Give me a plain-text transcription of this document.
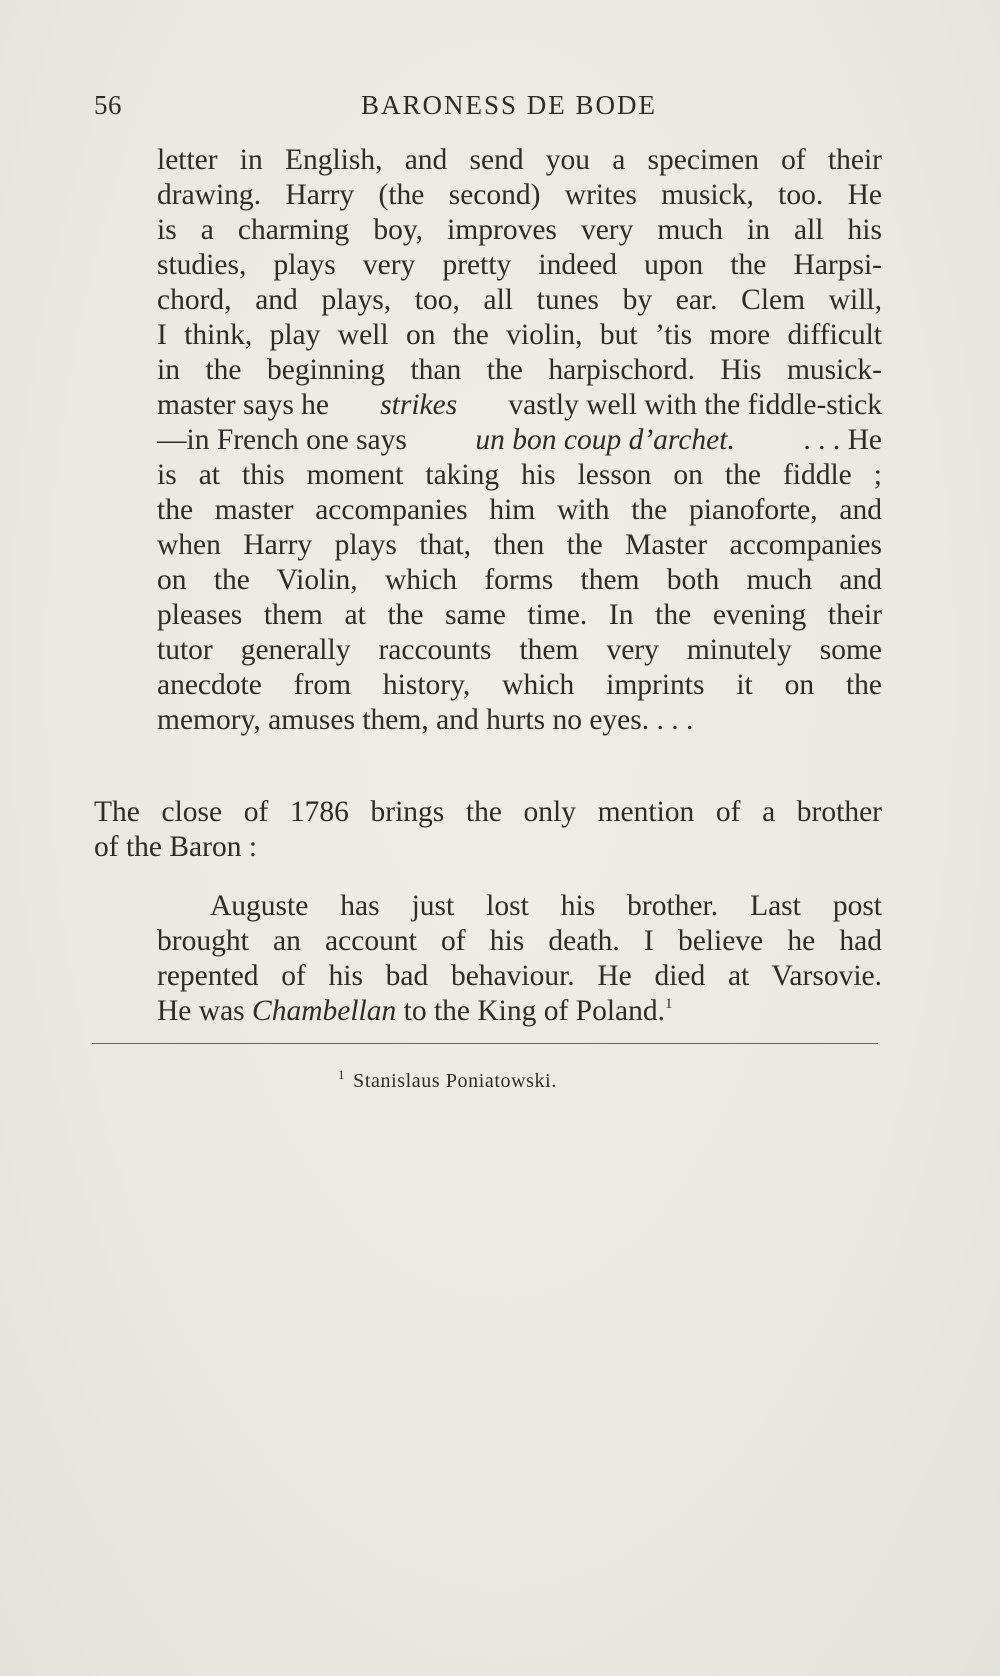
56	BARONESS DE BODE
letter in English, and send you a specimen of their
drawing. Harry (the second) writes musick, too. He
is a charming boy, improves very much in all his
studies, plays very pretty indeed upon the Harpsi-
chord, and plays, too, all tunes by ear. Clem will,
I think, play well on the violin, but ’tis more difficult
in the beginning than the harpischord. His musick-
master says he strikes vastly well with the fiddle-stick
—in French one says un bon coup d’archet. . . . He
is at this moment taking his lesson on the fiddle ;
the master accompanies him with the pianoforte, and
when Harry plays that, then the Master accompanies
on the Violin, which forms them both much and
pleases them at the same time. In the evening their
tutor generally raccounts them very minutely some
anecdote from history, which imprints it on the
memory, amuses them, and hurts no eyes. . . .
The close of 1786 brings the only mention of a brother
of the Baron :
Auguste has just lost his brother. Last post
brought an account of his death. I believe he had
repented of his bad behaviour. He died at Varsovie.
He was Chambellan to the King of Poland.$^1$
$^1$ Stanislaus Poniatowski.
